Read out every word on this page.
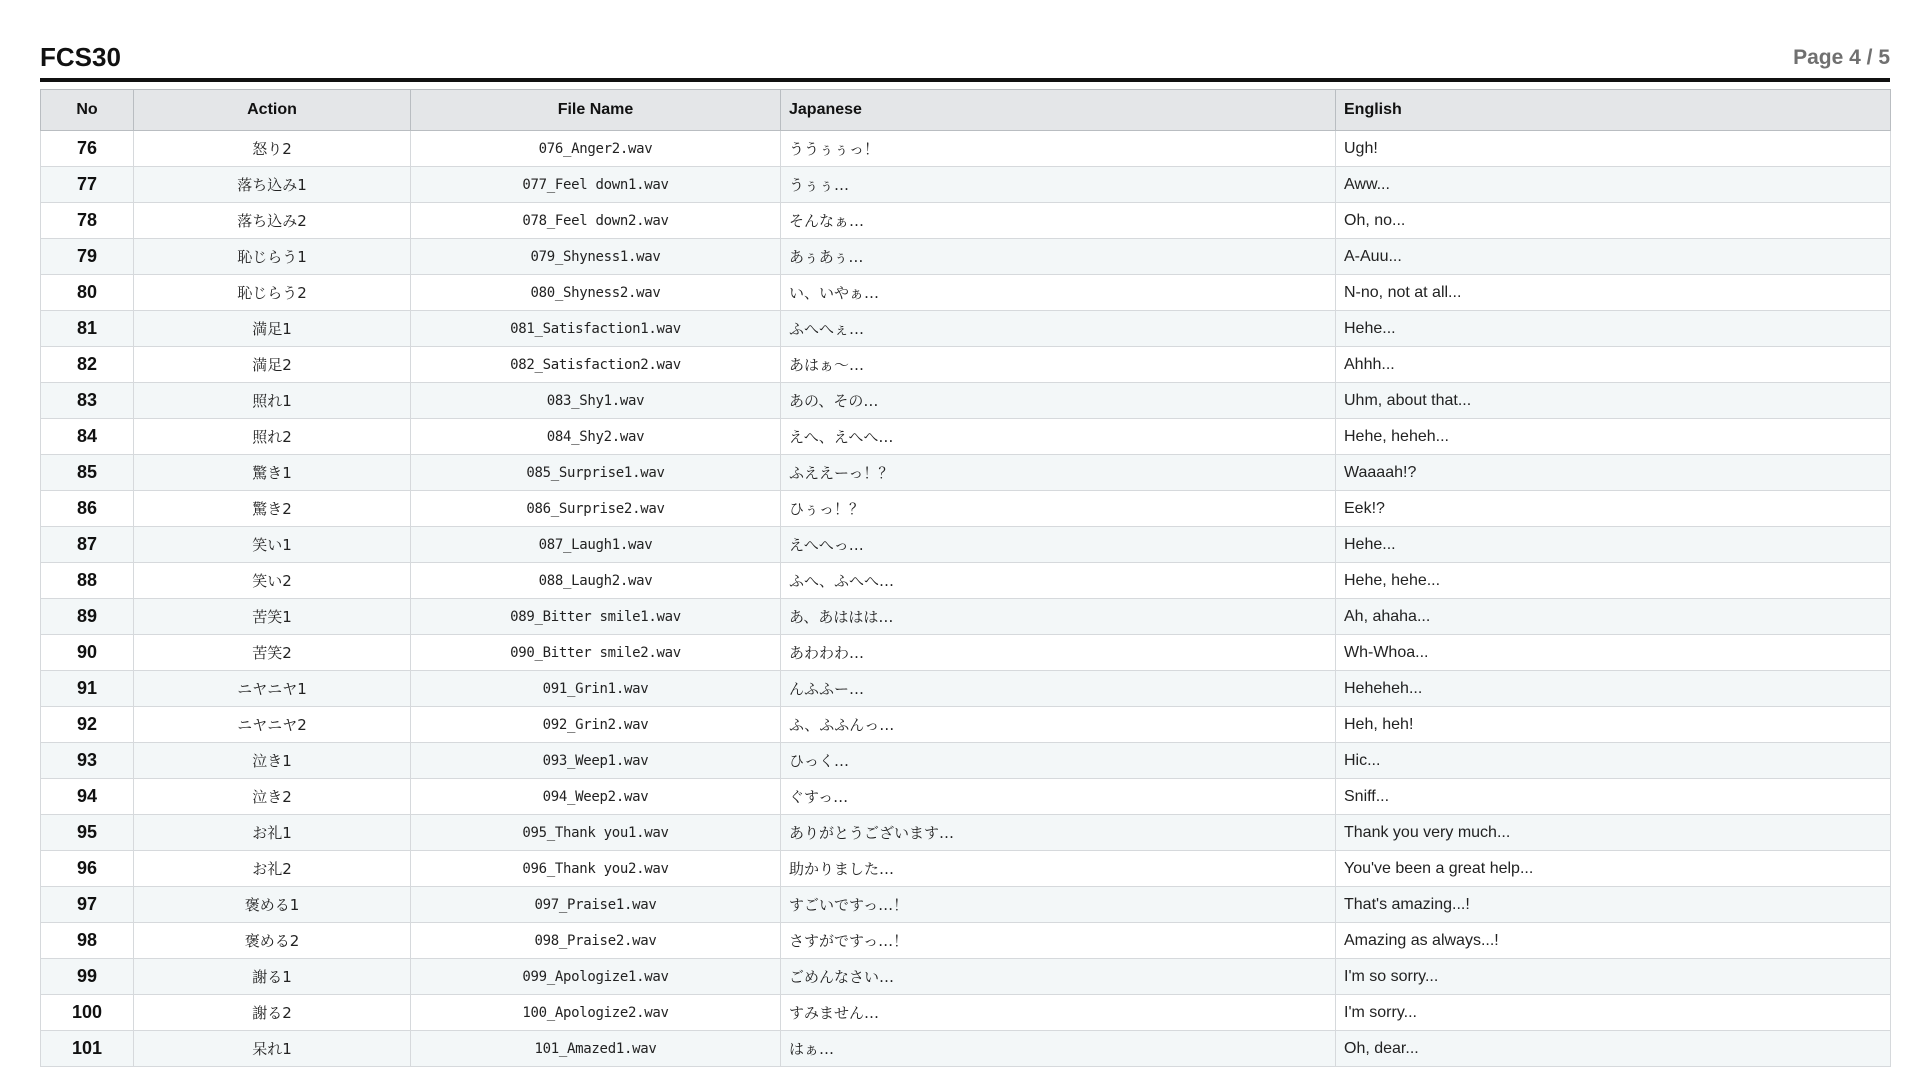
FCS30	Page 4 / 5
No	Action	File Name	Japanese	English
76	怒り2	076_Anger2.wav	ううぅぅっ！	Ugh!
77	落ち込み1	077_Feel down1.wav	うぅぅ…	Aww...
78	落ち込み2	078_Feel down2.wav	そんなぁ…	Oh, no...
79	恥じらう1	079_Shyness1.wav	あぅあぅ…	A-Auu...
80	恥じらう2	080_Shyness2.wav	い、いやぁ…	N-no, not at all...
81	満足1	081_Satisfaction1.wav	ふへへぇ…	Hehe...
82	満足2	082_Satisfaction2.wav	あはぁ〜…	Ahhh...
83	照れ1	083_Shy1.wav	あの、その…	Uhm, about that...
84	照れ2	084_Shy2.wav	えへ、えへへ…	Hehe, heheh...
85	驚き1	085_Surprise1.wav	ふええーっ！？	Waaaah!?
86	驚き2	086_Surprise2.wav	ひぅっ！？	Eek!?
87	笑い1	087_Laugh1.wav	えへへっ…	Hehe...
88	笑い2	088_Laugh2.wav	ふへ、ふへへ…	Hehe, hehe...
89	苦笑1	089_Bitter smile1.wav	あ、あははは…	Ah, ahaha...
90	苦笑2	090_Bitter smile2.wav	あわわわ…	Wh-Whoa...
91	ニヤニヤ1	091_Grin1.wav	んふふー…	Heheheh...
92	ニヤニヤ2	092_Grin2.wav	ふ、ふふんっ…	Heh, heh!
93	泣き1	093_Weep1.wav	ひっく…	Hic...
94	泣き2	094_Weep2.wav	ぐすっ…	Sniff...
95	お礼1	095_Thank you1.wav	ありがとうございます…	Thank you very much...
96	お礼2	096_Thank you2.wav	助かりました…	You've been a great help...
97	褒める1	097_Praise1.wav	すごいですっ…！	That's amazing...!
98	褒める2	098_Praise2.wav	さすがですっ…！	Amazing as always...!
99	謝る1	099_Apologize1.wav	ごめんなさい…	I'm so sorry...
100	謝る2	100_Apologize2.wav	すみません…	I'm sorry...
101	呆れ1	101_Amazed1.wav	はぁ…	Oh, dear...
